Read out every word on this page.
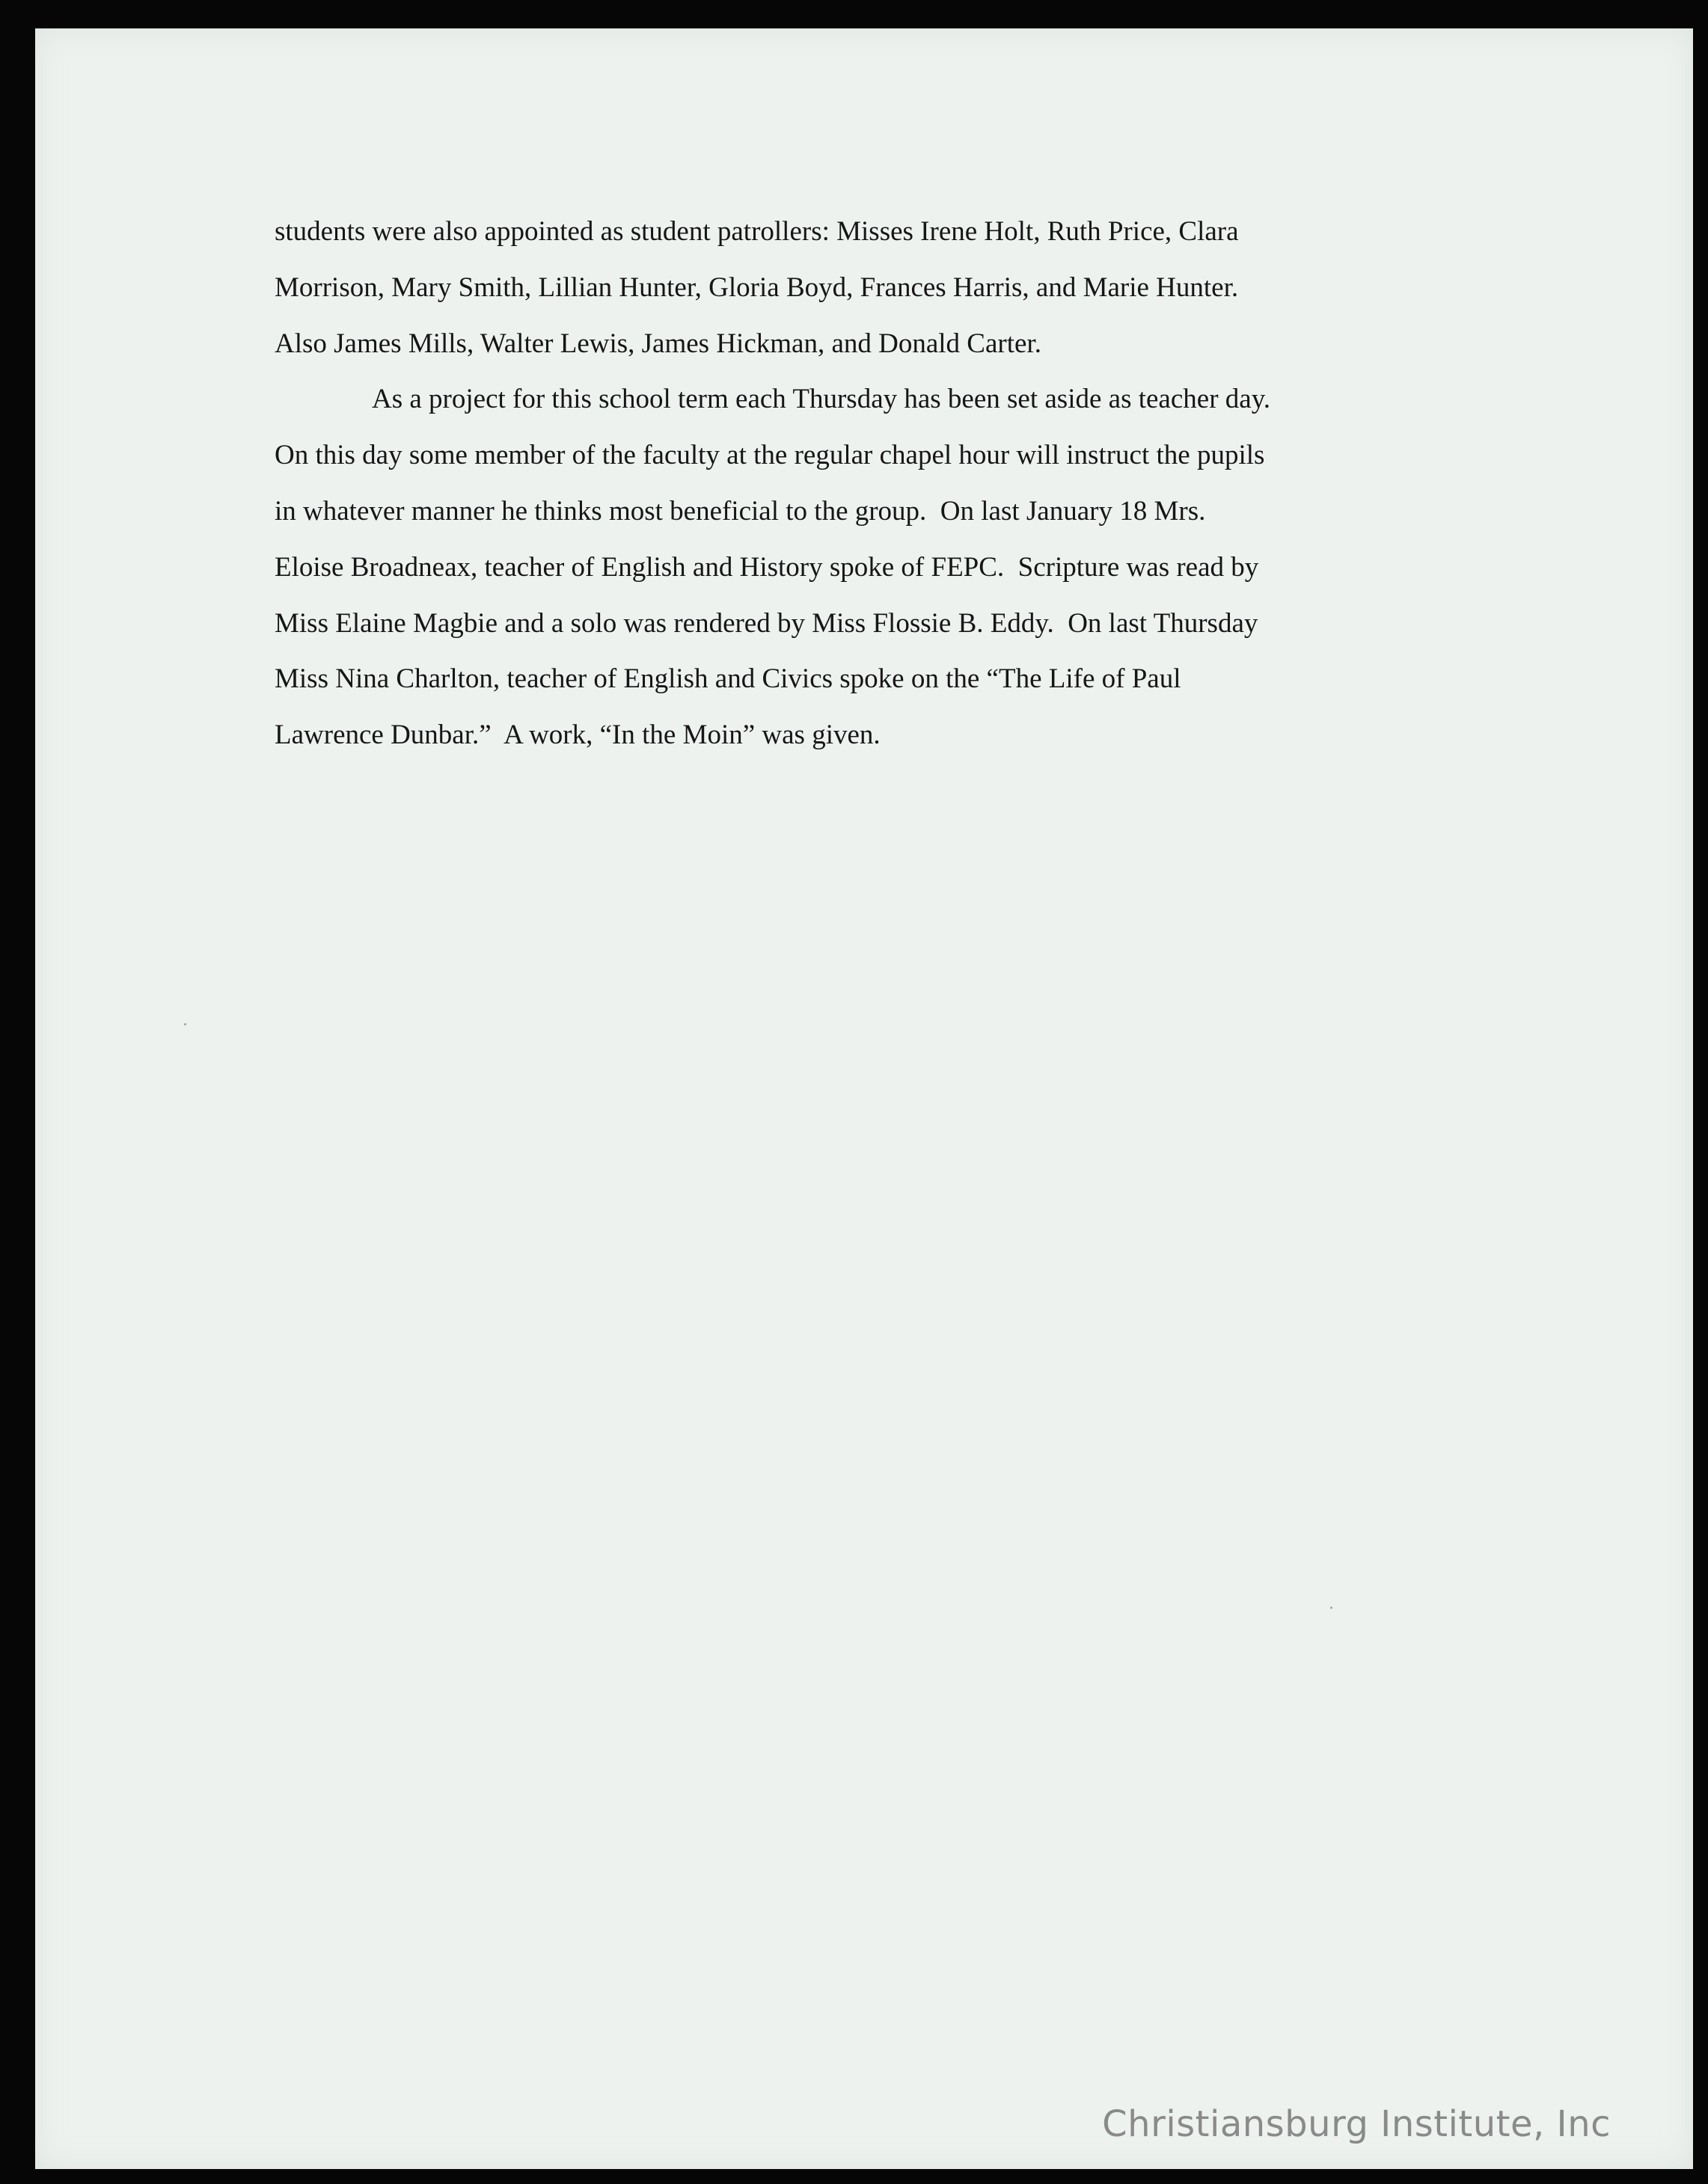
students were also appointed as student patrollers: Misses Irene Holt, Ruth Price, Clara
Morrison, Mary Smith, Lillian Hunter, Gloria Boyd, Frances Harris, and Marie Hunter.
Also James Mills, Walter Lewis, James Hickman, and Donald Carter.
As a project for this school term each Thursday has been set aside as teacher day.
On this day some member of the faculty at the regular chapel hour will instruct the pupils
in whatever manner he thinks most beneficial to the group.  On last January 18 Mrs.
Eloise Broadneax, teacher of English and History spoke of FEPC.  Scripture was read by
Miss Elaine Magbie and a solo was rendered by Miss Flossie B. Eddy.  On last Thursday
Miss Nina Charlton, teacher of English and Civics spoke on the “The Life of Paul
Lawrence Dunbar.”  A work, “In the Moin” was given.
Christiansburg Institute, Inc
